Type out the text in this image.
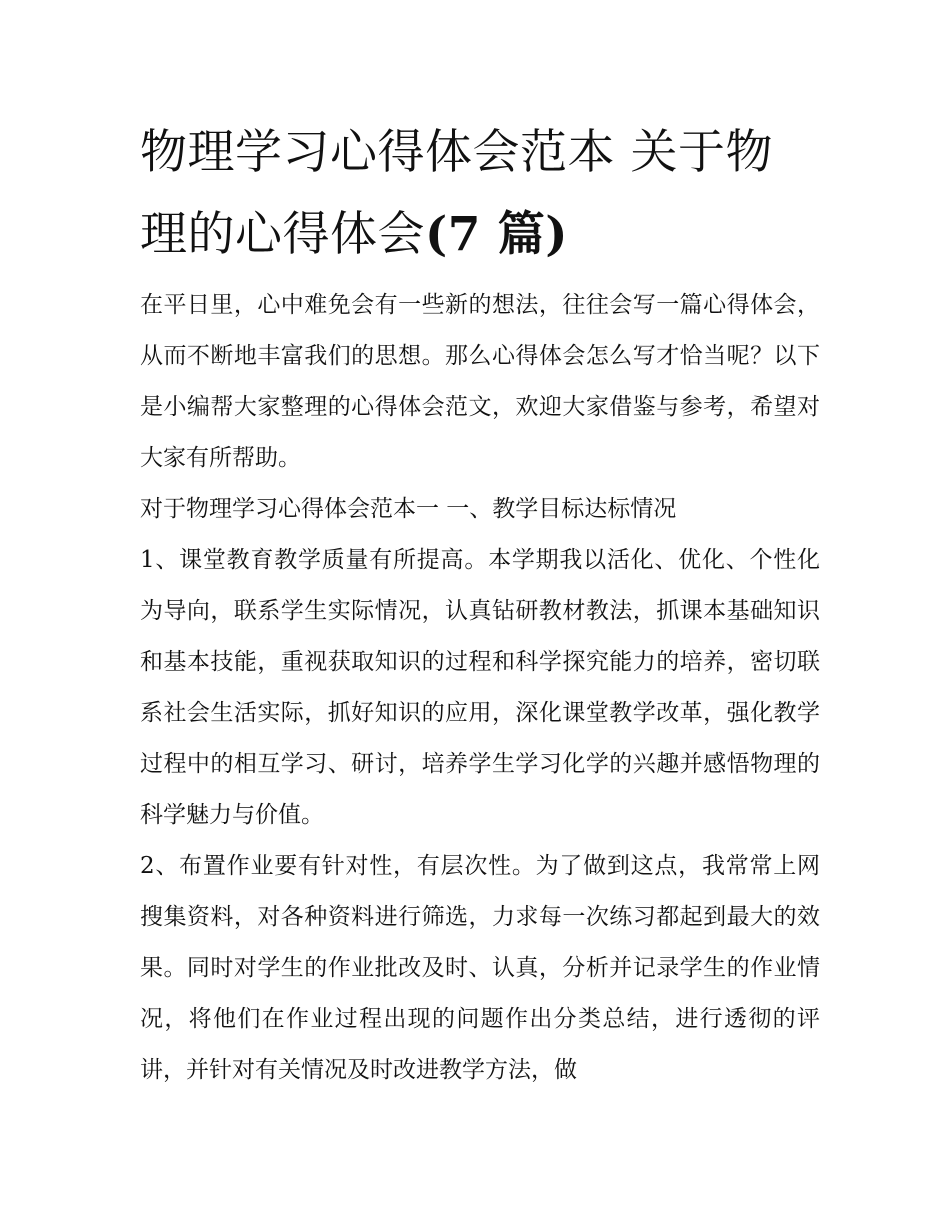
物理学习心得体会范本 关于物理的心得体会(7 篇)

在平日里，心中难免会有一些新的想法，往往会写一篇心得体会，从而不断地丰富我们的思想。那么心得体会怎么写才恰当呢？以下是小编帮大家整理的心得体会范文，欢迎大家借鉴与参考，希望对大家有所帮助。

对于物理学习心得体会范本一 一、教学目标达标情况

1、课堂教育教学质量有所提高。本学期我以活化、优化、个性化为导向，联系学生实际情况，认真钻研教材教法，抓课本基础知识和基本技能，重视获取知识的过程和科学探究能力的培养，密切联系社会生活实际，抓好知识的应用，深化课堂教学改革，强化教学过程中的相互学习、研讨，培养学生学习化学的兴趣并感悟物理的科学魅力与价值。

2、布置作业要有针对性，有层次性。为了做到这点，我常常上网搜集资料，对各种资料进行筛选，力求每一次练习都起到最大的效果。同时对学生的作业批改及时、认真，分析并记录学生的作业情况，将他们在作业过程出现的问题作出分类总结，进行透彻的评讲，并针对有关情况及时改进教学方法，做
